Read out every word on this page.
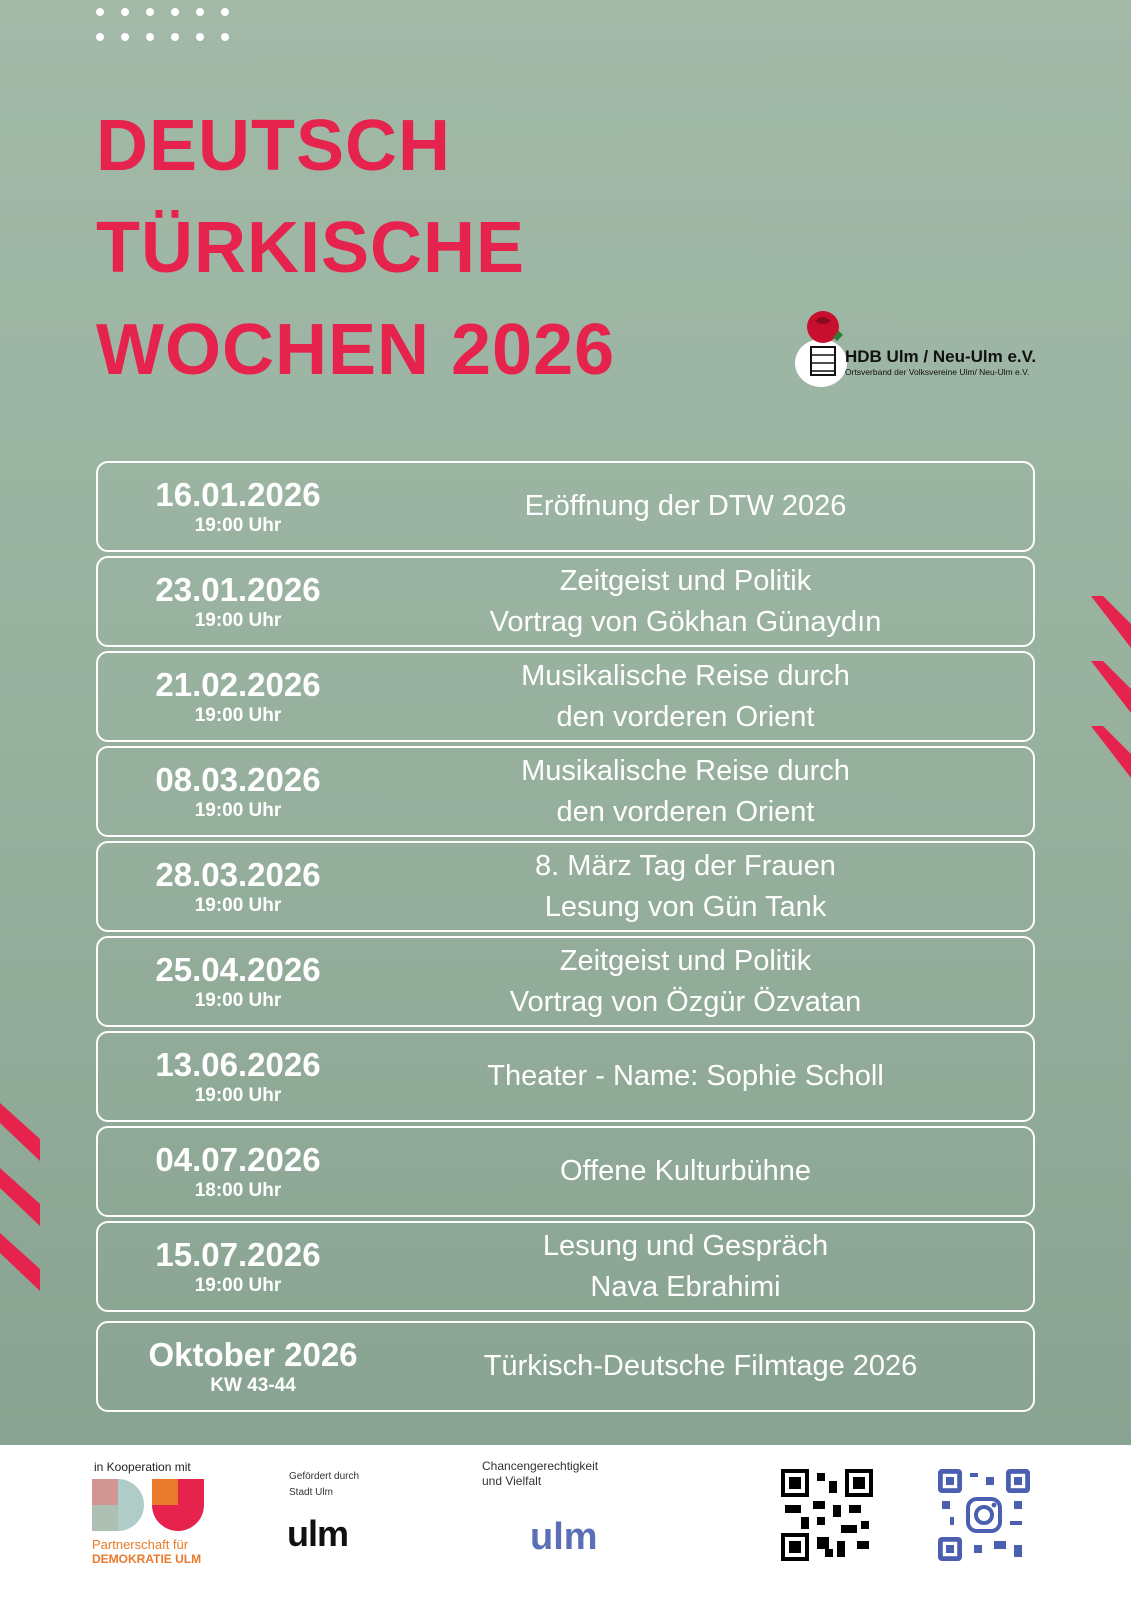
DEUTSCH
TÜRKISCHE
WOCHEN 2026	HDB Ulm / Neu-Ulm e.V.
Ortsverband der Volksvereine Ulm/ Neu-Ulm e.V.
16.01.2026
19:00 Uhr
Eröffnung der DTW 2026
23.01.2026
19:00 Uhr
Zeitgeist und Politik
Vortrag von Gökhan Günaydın
21.02.2026
19:00 Uhr
Musikalische Reise durch
den vorderen Orient
08.03.2026
19:00 Uhr
Musikalische Reise durch
den vorderen Orient
28.03.2026
19:00 Uhr
8. März Tag der Frauen
Lesung von Gün Tank
25.04.2026
19:00 Uhr
Zeitgeist und Politik
Vortrag von Özgür Özvatan
13.06.2026
19:00 Uhr
Theater - Name: Sophie Scholl
04.07.2026
18:00 Uhr
Offene Kulturbühne
15.07.2026
19:00 Uhr
Lesung und Gespräch
Nava Ebrahimi
Oktober 2026
KW 43-44
Türkisch-Deutsche Filmtage 2026
in Kooperation mit
Partnerschaft für
DEMOKRATIE ULM
Gefördert durch
Stadt Ulm
ulm
Chancengerechtigkeit
und Vielfalt
ulm
